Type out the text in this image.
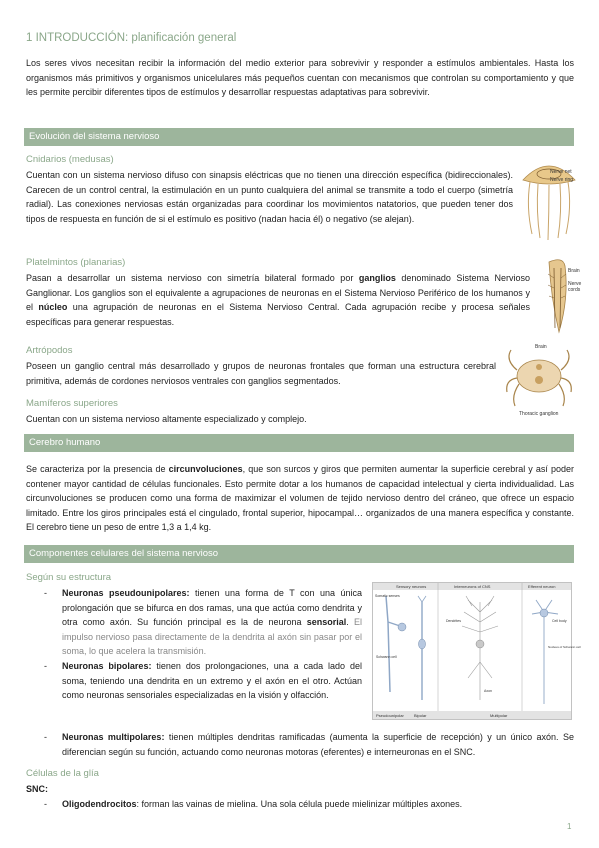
1 INTRODUCCIÓN: planificación general
Los seres vivos necesitan recibir la información del medio exterior para sobrevivir y responder a estímulos ambientales. Hasta los organismos más primitivos y organismos unicelulares más pequeños cuentan con mecanismos que controlan su comportamiento y que les permite percibir diferentes tipos de estímulos y desarrollar respuestas adaptativas para sobrevivir.
Evolución del sistema nervioso
Cnidarios (medusas)
Cuentan con un sistema nervioso difuso con sinapsis eléctricas que no tienen una dirección específica (bidireccionales). Carecen de un control central, la estimulación en un punto cualquiera del animal se transmite a todo el cuerpo (simetría radial). Las conexiones nerviosas están organizadas para coordinar los movimientos natatorios, que pueden tener dos tipos de respuesta en función de si el estímulo es positivo (nadan hacia él) o negativo (se alejan).
Nerve net
Nerve ring
Platelmintos (planarias)
Pasan a desarrollar un sistema nervioso con simetría bilateral formado por ganglios denominado Sistema Nervioso Ganglionar. Los ganglios son el equivalente a agrupaciones de neuronas en el Sistema Nervioso Periférico de los humanos y el núcleo una agrupación de neuronas en el Sistema Nervioso Central. Cada agrupación recibe y procesa señales específicas para generar respuestas.
Brain
Nerve
cords
Artrópodos
Poseen un ganglio central más desarrollado y grupos de neuronas frontales que forman una estructura cerebral primitiva, además de cordones nerviosos ventrales con ganglios segmentados.
Brain
Thoracic ganglion
Mamíferos superiores
Cuentan con un sistema nervioso altamente especializado y complejo.
Cerebro humano
Se caracteriza por la presencia de circunvoluciones, que son surcos y giros que permiten aumentar la superficie cerebral y así poder contener mayor cantidad de células funcionales. Esto permite dotar a los humanos de capacidad intelectual y cierta individualidad. Las circunvoluciones se producen como una forma de maximizar el volumen de tejido nervioso dentro del cráneo, que ofrece un espacio limitado. Entre los giros principales está el cingulado, frontal superior, hipocampal… organizados de una manera específica y constante. El cerebro tiene un peso de entre 1,3 a 1,4 kg.
Componentes celulares del sistema nervioso
Según su estructura
- Neuronas pseudounipolares: tienen una forma de T con una única prolongación que se bifurca en dos ramas, una que actúa como dendrita y otra como axón. Su función principal es la de neurona sensorial. El impulso nervioso pasa directamente de la dendrita al axón sin pasar por el soma, lo que acelera la transmisión.
- Neuronas bipolares: tienen dos prolongaciones, una a cada lado del soma, teniendo una dendrita en un extremo y el axón en el otro. Actúan como neuronas sensoriales especializadas en la visión y olfacción.
- Neuronas multipolares: tienen múltiples dendritas ramificadas (aumenta la superficie de recepción) y un único axón. Se diferencian según su función, actuando como neuronas motoras (eferentes) e interneuronas en el SNC.
Sensory neurons	Interneurons of CNS	Efferent neuron
Pseudounipolar	Bipolar	Multipolar
Somatic senses
Schwann cell
Dendrites
Axon
Cell body
Nucleus of Schwann cell
Células de la glía
SNC:
- Oligodendrocitos: forman las vainas de mielina. Una sola célula puede mielinizar múltiples axones.
1
